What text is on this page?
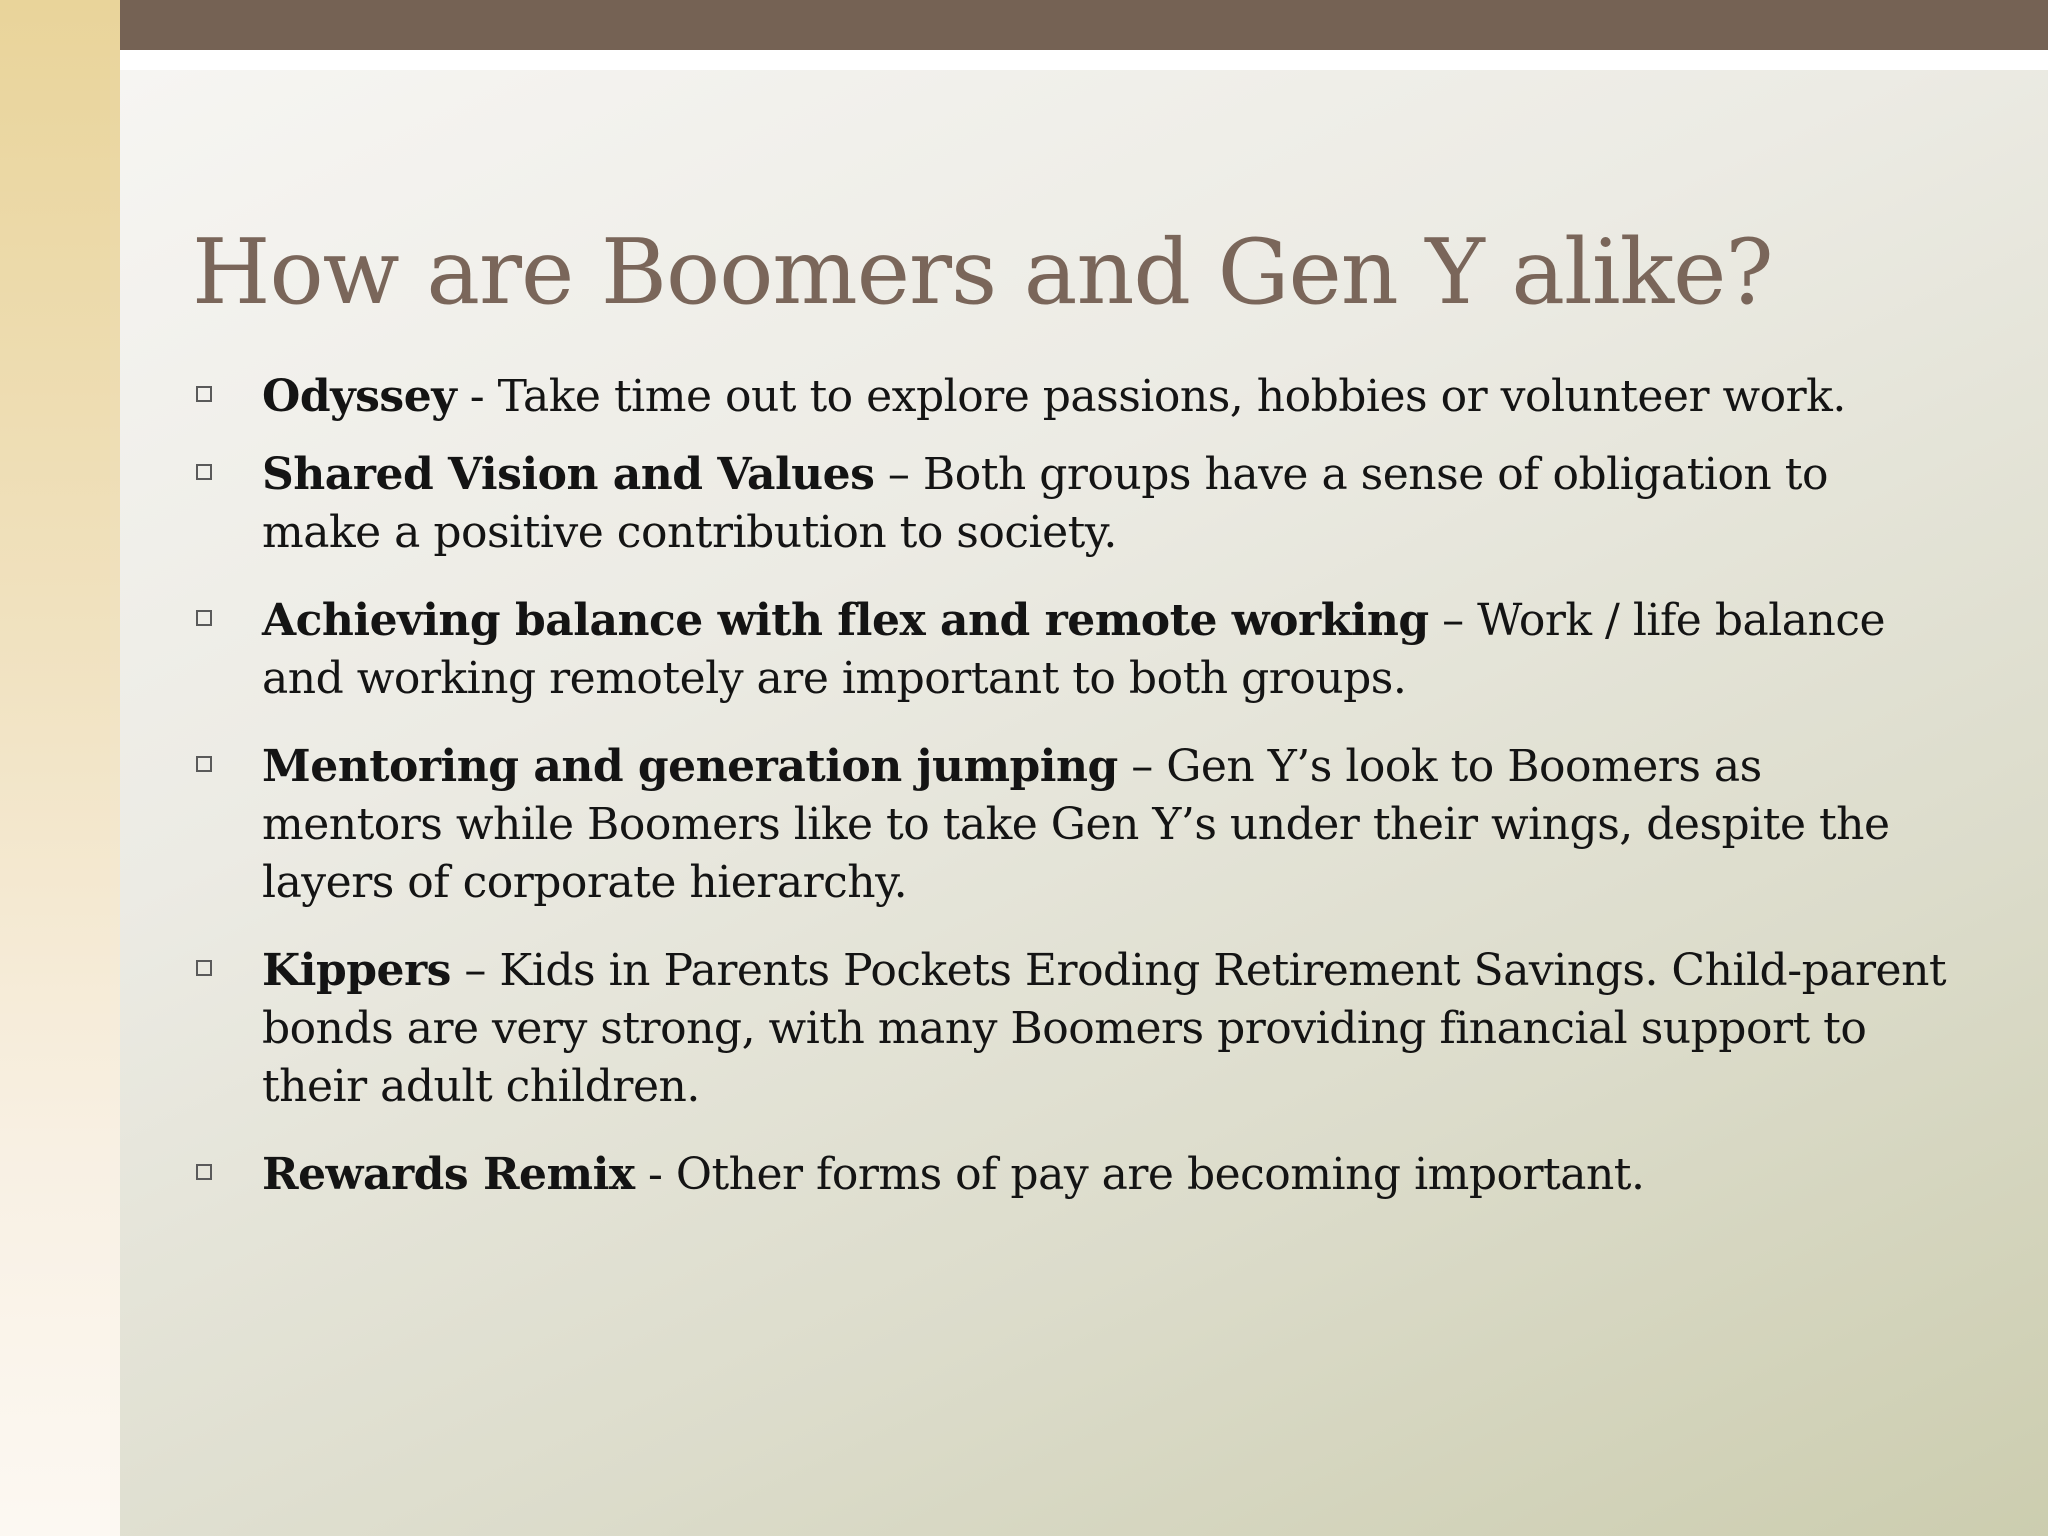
How are Boomers and Gen Y alike?
Odyssey - Take time out to explore passions, hobbies or volunteer work.
Shared Vision and Values – Both groups have a sense of obligation to make a positive contribution to society.
Achieving balance with flex and remote working – Work / life balance and working remotely are important to both groups.
Mentoring and generation jumping – Gen Y’s look to Boomers as mentors while Boomers like to take Gen Y’s under their wings, despite the layers of corporate hierarchy.
Kippers – Kids in Parents Pockets Eroding Retirement Savings. Child-parent bonds are very strong, with many Boomers providing financial support to their adult children.
Rewards Remix - Other forms of pay are becoming important.
